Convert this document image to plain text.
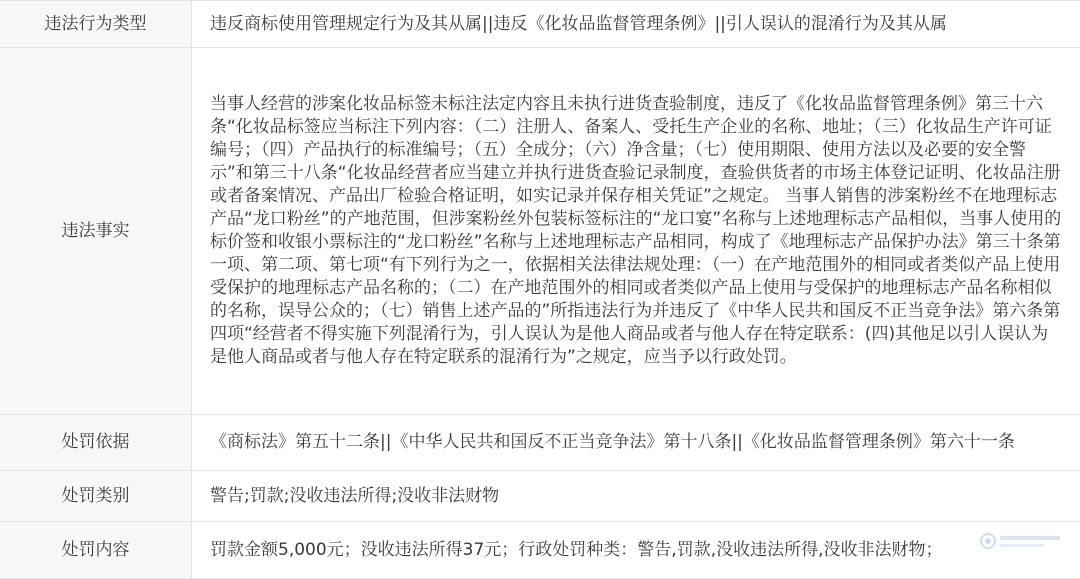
违法行为类型	违反商标使用管理规定行为及其从属||违反《化妆品监督管理条例》||引人误认的混淆行为及其从属
违法事实	当事人经营的涉案化妆品标签未标注法定内容且未执行进货查验制度，违反了《化妆品监督管理条例》第三十六条“化妆品标签应当标注下列内容：（二）注册人、备案人、受托生产企业的名称、地址；（三）化妆品生产许可证编号；（四）产品执行的标准编号；（五）全成分；（六）净含量；（七）使用期限、使用方法以及必要的安全警示”和第三十八条“化妆品经营者应当建立并执行进货查验记录制度，查验供货者的市场主体登记证明、化妆品注册或者备案情况、产品出厂检验合格证明，如实记录并保存相关凭证”之规定。 当事人销售的涉案粉丝不在地理标志产品“龙口粉丝”的产地范围，但涉案粉丝外包装标签标注的“龙口宴”名称与上述地理标志产品相似，当事人使用的标价签和收银小票标注的“龙口粉丝”名称与上述地理标志产品相同，构成了《地理标志产品保护办法》第三十条第一项、第二项、第七项“有下列行为之一，依据相关法律法规处理：（一）在产地范围外的相同或者类似产品上使用受保护的地理标志产品名称的；（二）在产地范围外的相同或者类似产品上使用与受保护的地理标志产品名称相似的名称，误导公众的；（七）销售上述产品的”所指违法行为并违反了《中华人民共和国反不正当竞争法》第六条第四项“经营者不得实施下列混淆行为，引人误认为是他人商品或者与他人存在特定联系：(四)其他足以引人误认为是他人商品或者与他人存在特定联系的混淆行为”之规定，应当予以行政处罚。
处罚依据	《商标法》第五十二条||《中华人民共和国反不正当竞争法》第十八条||《化妆品监督管理条例》第六十一条
处罚类别	警告;罚款;没收违法所得;没收非法财物
处罚内容	罚款金额5,000元；没收违法所得37元；行政处罚种类：警告,罚款,没收违法所得,没收非法财物；
